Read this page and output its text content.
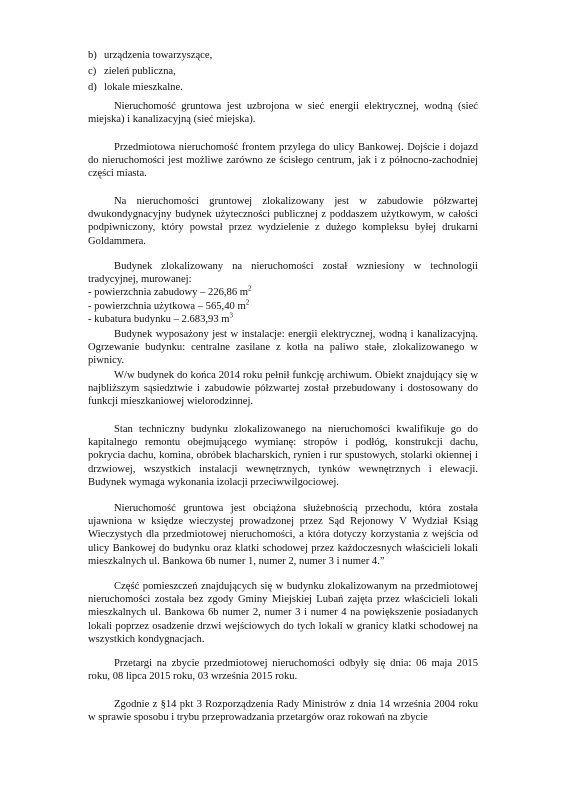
b) urządzenia towarzyszące,
c) zieleń publiczna,
d) lokale mieszkalne.

Nieruchomość gruntowa jest uzbrojona w sieć energii elektrycznej, wodną (sieć miejska) i kanalizacyjną (sieć miejska).

Przedmiotowa nieruchomość frontem przylega do ulicy Bankowej. Dojście i dojazd do nieruchomości jest możliwe zarówno ze ścisłego centrum, jak i z północno-zachodniej części miasta.

Na nieruchomości gruntowej zlokalizowany jest w zabudowie półzwartej dwukondygnacyjny budynek użyteczności publicznej z poddaszem użytkowym, w całości podpiwniczony, który powstał przez wydzielenie z dużego kompleksu byłej drukarni Goldammera.

Budynek zlokalizowany na nieruchomości został wzniesiony w technologii tradycyjnej, murowanej:

- powierzchnia zabudowy – 226,86 $m^2$

- powierzchnia użytkowa – 565,40 $m^2$

- kubatura budynku – 2.683,93 $m^3$

Budynek wyposażony jest w instalacje: energii elektrycznej, wodną i kanalizacyjną. Ogrzewanie budynku: centralne zasilane z kotła na paliwo stałe, zlokalizowanego w piwnicy.

W/w budynek do końca 2014 roku pełnił funkcję archiwum. Obiekt znajdujący się w najbliższym sąsiedztwie i zabudowie półzwartej został przebudowany i dostosowany do funkcji mieszkaniowej wielorodzinnej.

Stan techniczny budynku zlokalizowanego na nieruchomości kwalifikuje go do kapitalnego remontu obejmującego wymianę: stropów i podłóg, konstrukcji dachu, pokrycia dachu, komina, obróbek blacharskich, rynien i rur spustowych, stolarki okiennej i drzwiowej, wszystkich instalacji wewnętrznych, tynków wewnętrznych i elewacji. Budynek wymaga wykonania izolacji przeciwwilgociowej.

Nieruchomość gruntowa jest obciążona służebnością przechodu, która została ujawniona w księdze wieczystej prowadzonej przez Sąd Rejonowy V Wydział Ksiąg Wieczystych dla przedmiotowej nieruchomości, a która dotyczy korzystania z wejścia od ulicy Bankowej do budynku oraz klatki schodowej przez każdoczesnych właścicieli lokali mieszkalnych ul. Bankowa 6b numer 1, numer 2, numer 3 i numer 4.”

Część pomieszczeń znajdujących się w budynku zlokalizowanym na przedmiotowej nieruchomości została bez zgody Gminy Miejskiej Lubań zajęta przez właścicieli lokali mieszkalnych ul. Bankowa 6b numer 2, numer 3 i numer 4 na powiększenie posiadanych lokali poprzez osadzenie drzwi wejściowych do tych lokali w granicy klatki schodowej na wszystkich kondygnacjach.

Przetargi na zbycie przedmiotowej nieruchomości odbyły się dnia: 06 maja 2015 roku, 08 lipca 2015 roku, 03 września 2015 roku.

Zgodnie z §14 pkt 3 Rozporządzenia Rady Ministrów z dnia 14 września 2004 roku w sprawie sposobu i trybu przeprowadzania przetargów oraz rokowań na zbycie
